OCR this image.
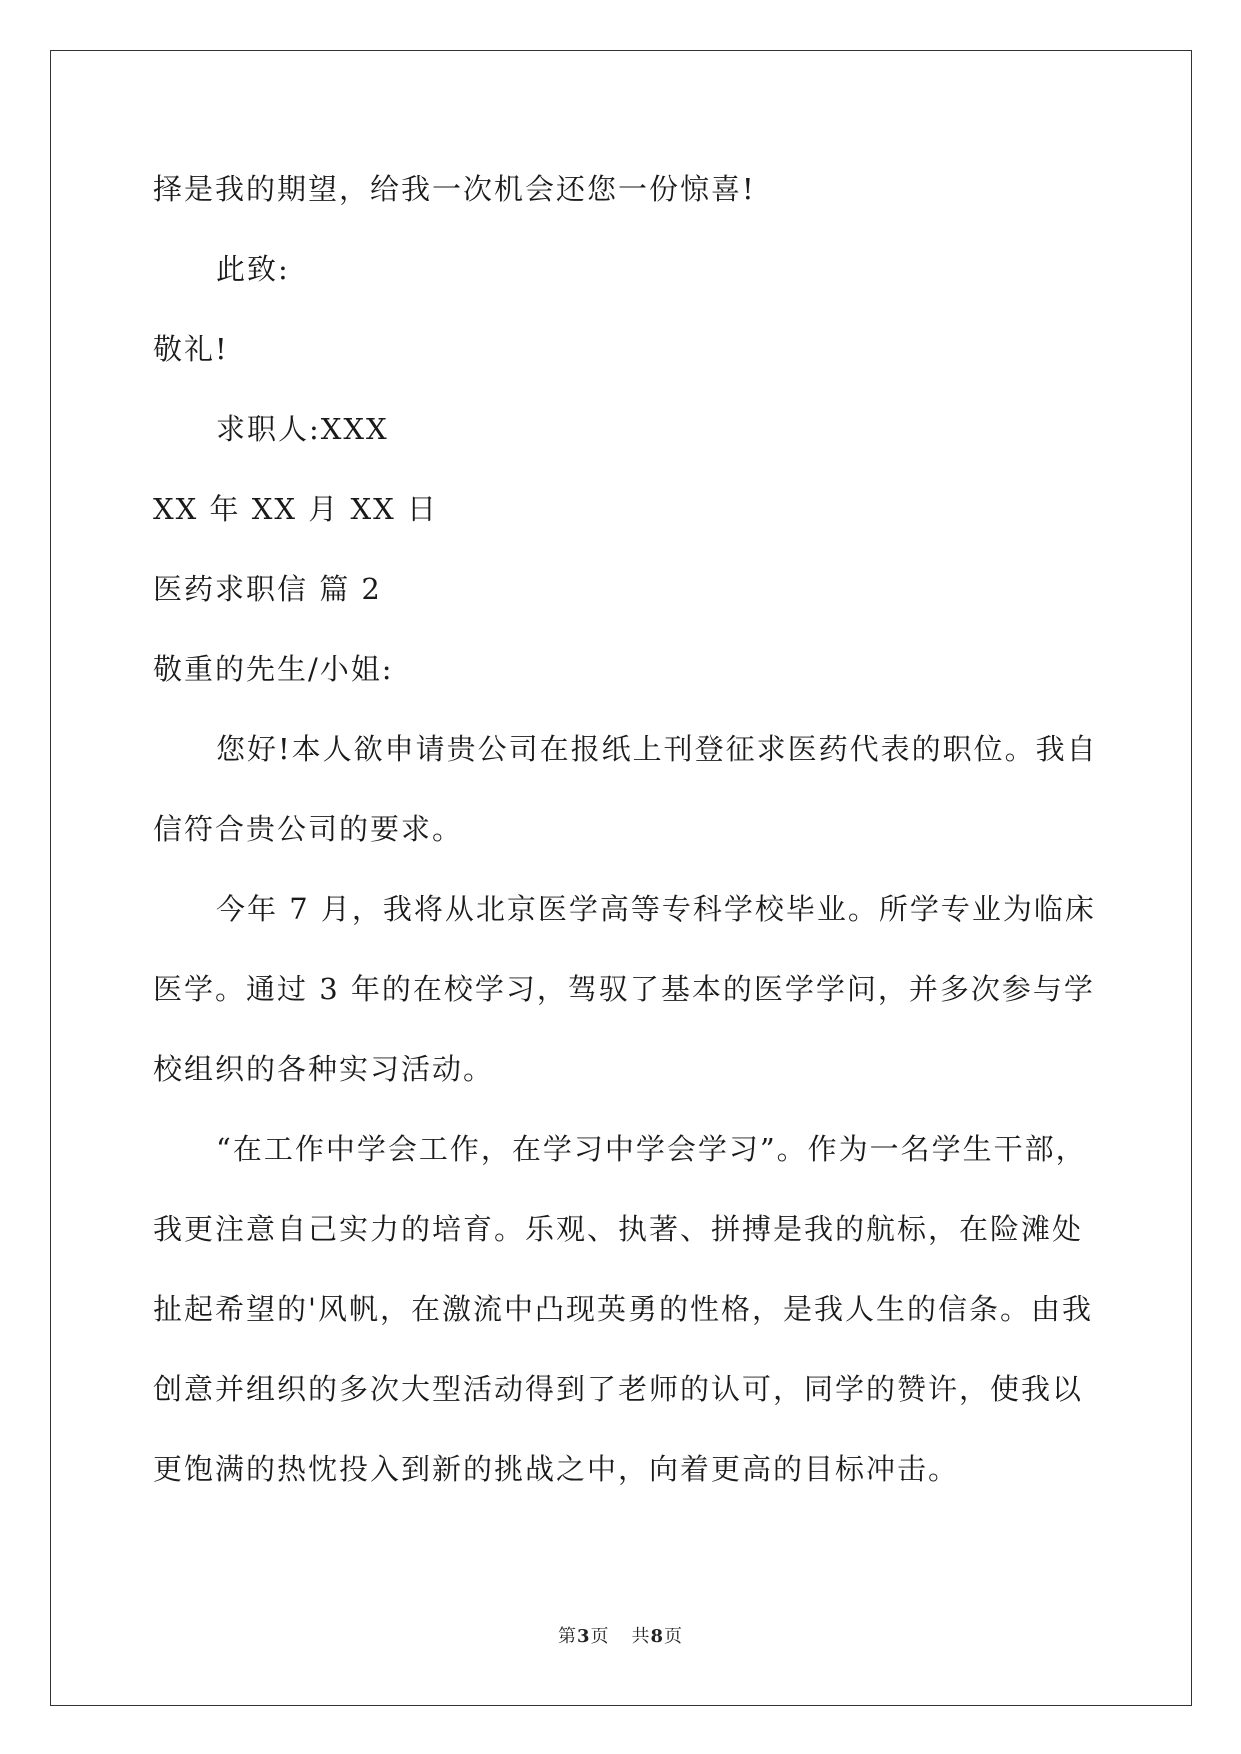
择是我的期望，给我一次机会还您一份惊喜!
此致:
敬礼!
求职人:XXX
XX 年 XX 月 XX 日
医药求职信 篇 2
敬重的先生/小姐:
您好!本人欲申请贵公司在报纸上刊登征求医药代表的职位。我自
信符合贵公司的要求。
今年 7 月，我将从北京医学高等专科学校毕业。所学专业为临床
医学。通过 3 年的在校学习，驾驭了基本的医学学问，并多次参与学
校组织的各种实习活动。
“在工作中学会工作，在学习中学会学习”。作为一名学生干部，
我更注意自己实力的培育。乐观、执著、拼搏是我的航标，在险滩处
扯起希望的'风帆，在激流中凸现英勇的性格，是我人生的信条。由我
创意并组织的多次大型活动得到了老师的认可，同学的赞许，使我以
更饱满的热忱投入到新的挑战之中，向着更高的目标冲击。
第3页 共8页
